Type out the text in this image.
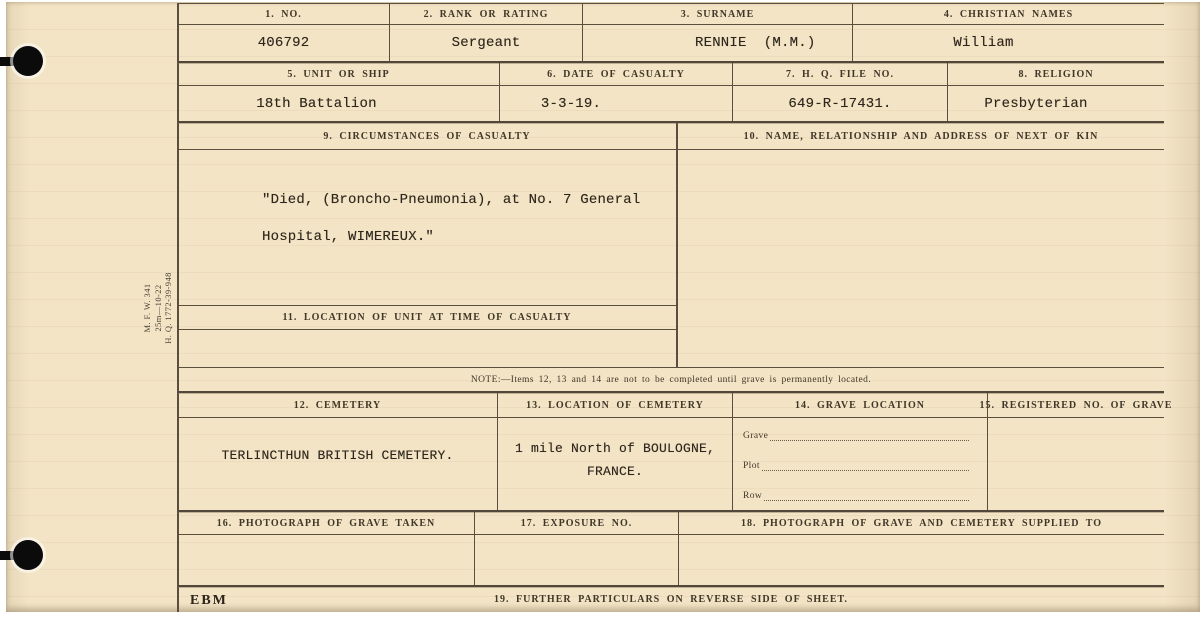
M. F. W. 341 25m—10-22 H. Q. 1772-39-948
1. NO.
406792
2. RANK OR RATING
Sergeant
3. SURNAME
RENNIE  (M.M.)
4. CHRISTIAN NAMES
William
5. UNIT OR SHIP
18th Battalion
6. DATE OF CASUALTY
3-3-19.
7. H. Q. FILE NO.
649-R-17431.
8. RELIGION
Presbyterian
9. CIRCUMSTANCES OF CASUALTY
"Died, (Broncho-Pneumonia), at No. 7 General
Hospital, WIMEREUX."
11. LOCATION OF UNIT AT TIME OF CASUALTY
10. NAME, RELATIONSHIP AND ADDRESS OF NEXT OF KIN
NOTE:—Items 12, 13 and 14 are not to be completed until grave is permanently located.
12. CEMETERY
TERLINCTHUN BRITISH CEMETERY.
13. LOCATION OF CEMETERY
1 mile North of BOULOGNE,
FRANCE.
14. GRAVE LOCATION
Grave
Plot
Row
15. REGISTERED NO. OF GRAVE
16. PHOTOGRAPH OF GRAVE TAKEN	17. EXPOSURE NO.	18. PHOTOGRAPH OF GRAVE AND CEMETERY SUPPLIED TO
EBM	19. FURTHER PARTICULARS ON REVERSE SIDE OF SHEET.
